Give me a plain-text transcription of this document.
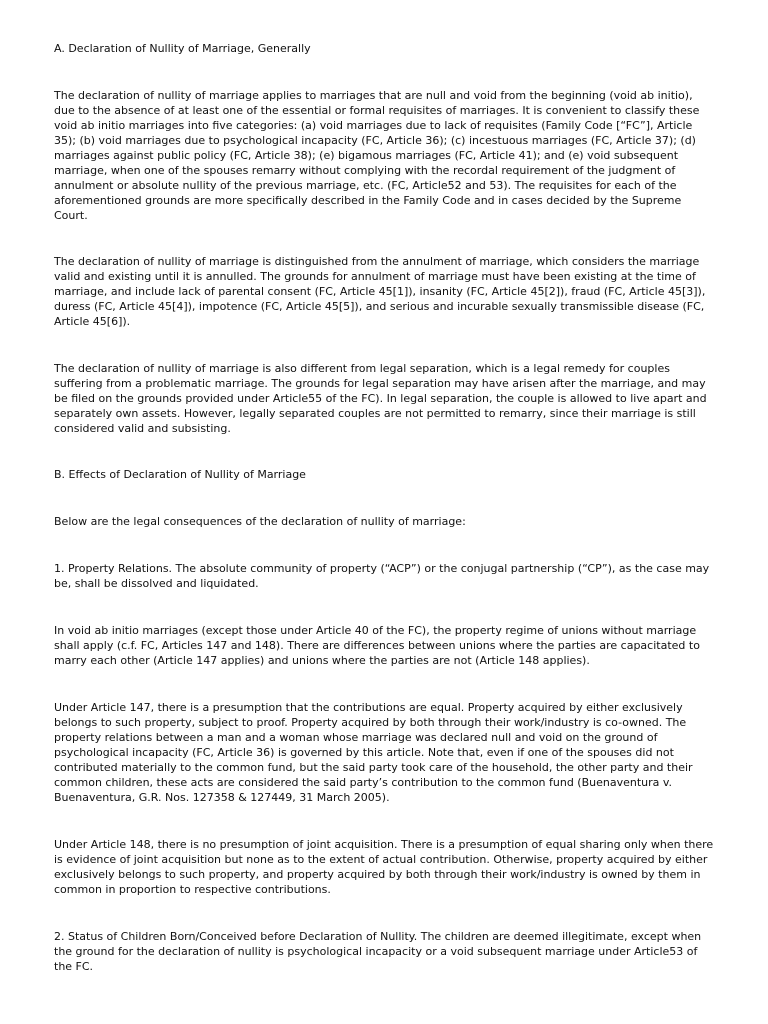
A. Declaration of Nullity of Marriage, Generally

The declaration of nullity of marriage applies to marriages that are null and void from the beginning (void ab initio), due to the absence of at least one of the essential or formal requisites of marriages. It is convenient to classify these void ab initio marriages into five categories: (a) void marriages due to lack of requisites (Family Code [“FC”], Article 35); (b) void marriages due to psychological incapacity (FC, Article 36); (c) incestuous marriages (FC, Article 37); (d) marriages against public policy (FC, Article 38); (e) bigamous marriages (FC, Article 41); and (e) void subsequent marriage, when one of the spouses remarry without complying with the recordal requirement of the judgment of annulment or absolute nullity of the previous marriage, etc. (FC, Article52 and 53). The requisites for each of the aforementioned grounds are more specifically described in the Family Code and in cases decided by the Supreme Court.

The declaration of nullity of marriage is distinguished from the annulment of marriage, which considers the marriage valid and existing until it is annulled. The grounds for annulment of marriage must have been existing at the time of marriage, and include lack of parental consent (FC, Article 45[1]), insanity (FC, Article 45[2]), fraud (FC, Article 45[3]), duress (FC, Article 45[4]), impotence (FC, Article 45[5]), and serious and incurable sexually transmissible disease (FC, Article 45[6]).

The declaration of nullity of marriage is also different from legal separation, which is a legal remedy for couples suffering from a problematic marriage. The grounds for legal separation may have arisen after the marriage, and may be filed on the grounds provided under Article55 of the FC). In legal separation, the couple is allowed to live apart and separately own assets. However, legally separated couples are not permitted to remarry, since their marriage is still considered valid and subsisting.

B. Effects of Declaration of Nullity of Marriage

Below are the legal consequences of the declaration of nullity of marriage:

1. Property Relations. The absolute community of property (“ACP”) or the conjugal partnership (“CP”), as the case may be, shall be dissolved and liquidated.

In void ab initio marriages (except those under Article 40 of the FC), the property regime of unions without marriage shall apply (c.f. FC, Articles 147 and 148). There are differences between unions where the parties are capacitated to marry each other (Article 147 applies) and unions where the parties are not (Article 148 applies).

Under Article 147, there is a presumption that the contributions are equal. Property acquired by either exclusively belongs to such property, subject to proof. Property acquired by both through their work/industry is co-owned. The property relations between a man and a woman whose marriage was declared null and void on the ground of psychological incapacity (FC, Article 36) is governed by this article. Note that, even if one of the spouses did not contributed materially to the common fund, but the said party took care of the household, the other party and their common children, these acts are considered the said party’s contribution to the common fund (Buenaventura v. Buenaventura, G.R. Nos. 127358 & 127449, 31 March 2005).

Under Article 148, there is no presumption of joint acquisition. There is a presumption of equal sharing only when there is evidence of joint acquisition but none as to the extent of actual contribution. Otherwise, property acquired by either exclusively belongs to such property, and property acquired by both through their work/industry is owned by them in common in proportion to respective contributions.

2. Status of Children Born/Conceived before Declaration of Nullity. The children are deemed illegitimate, except when the ground for the declaration of nullity is psychological incapacity or a void subsequent marriage under Article53 of the FC.
